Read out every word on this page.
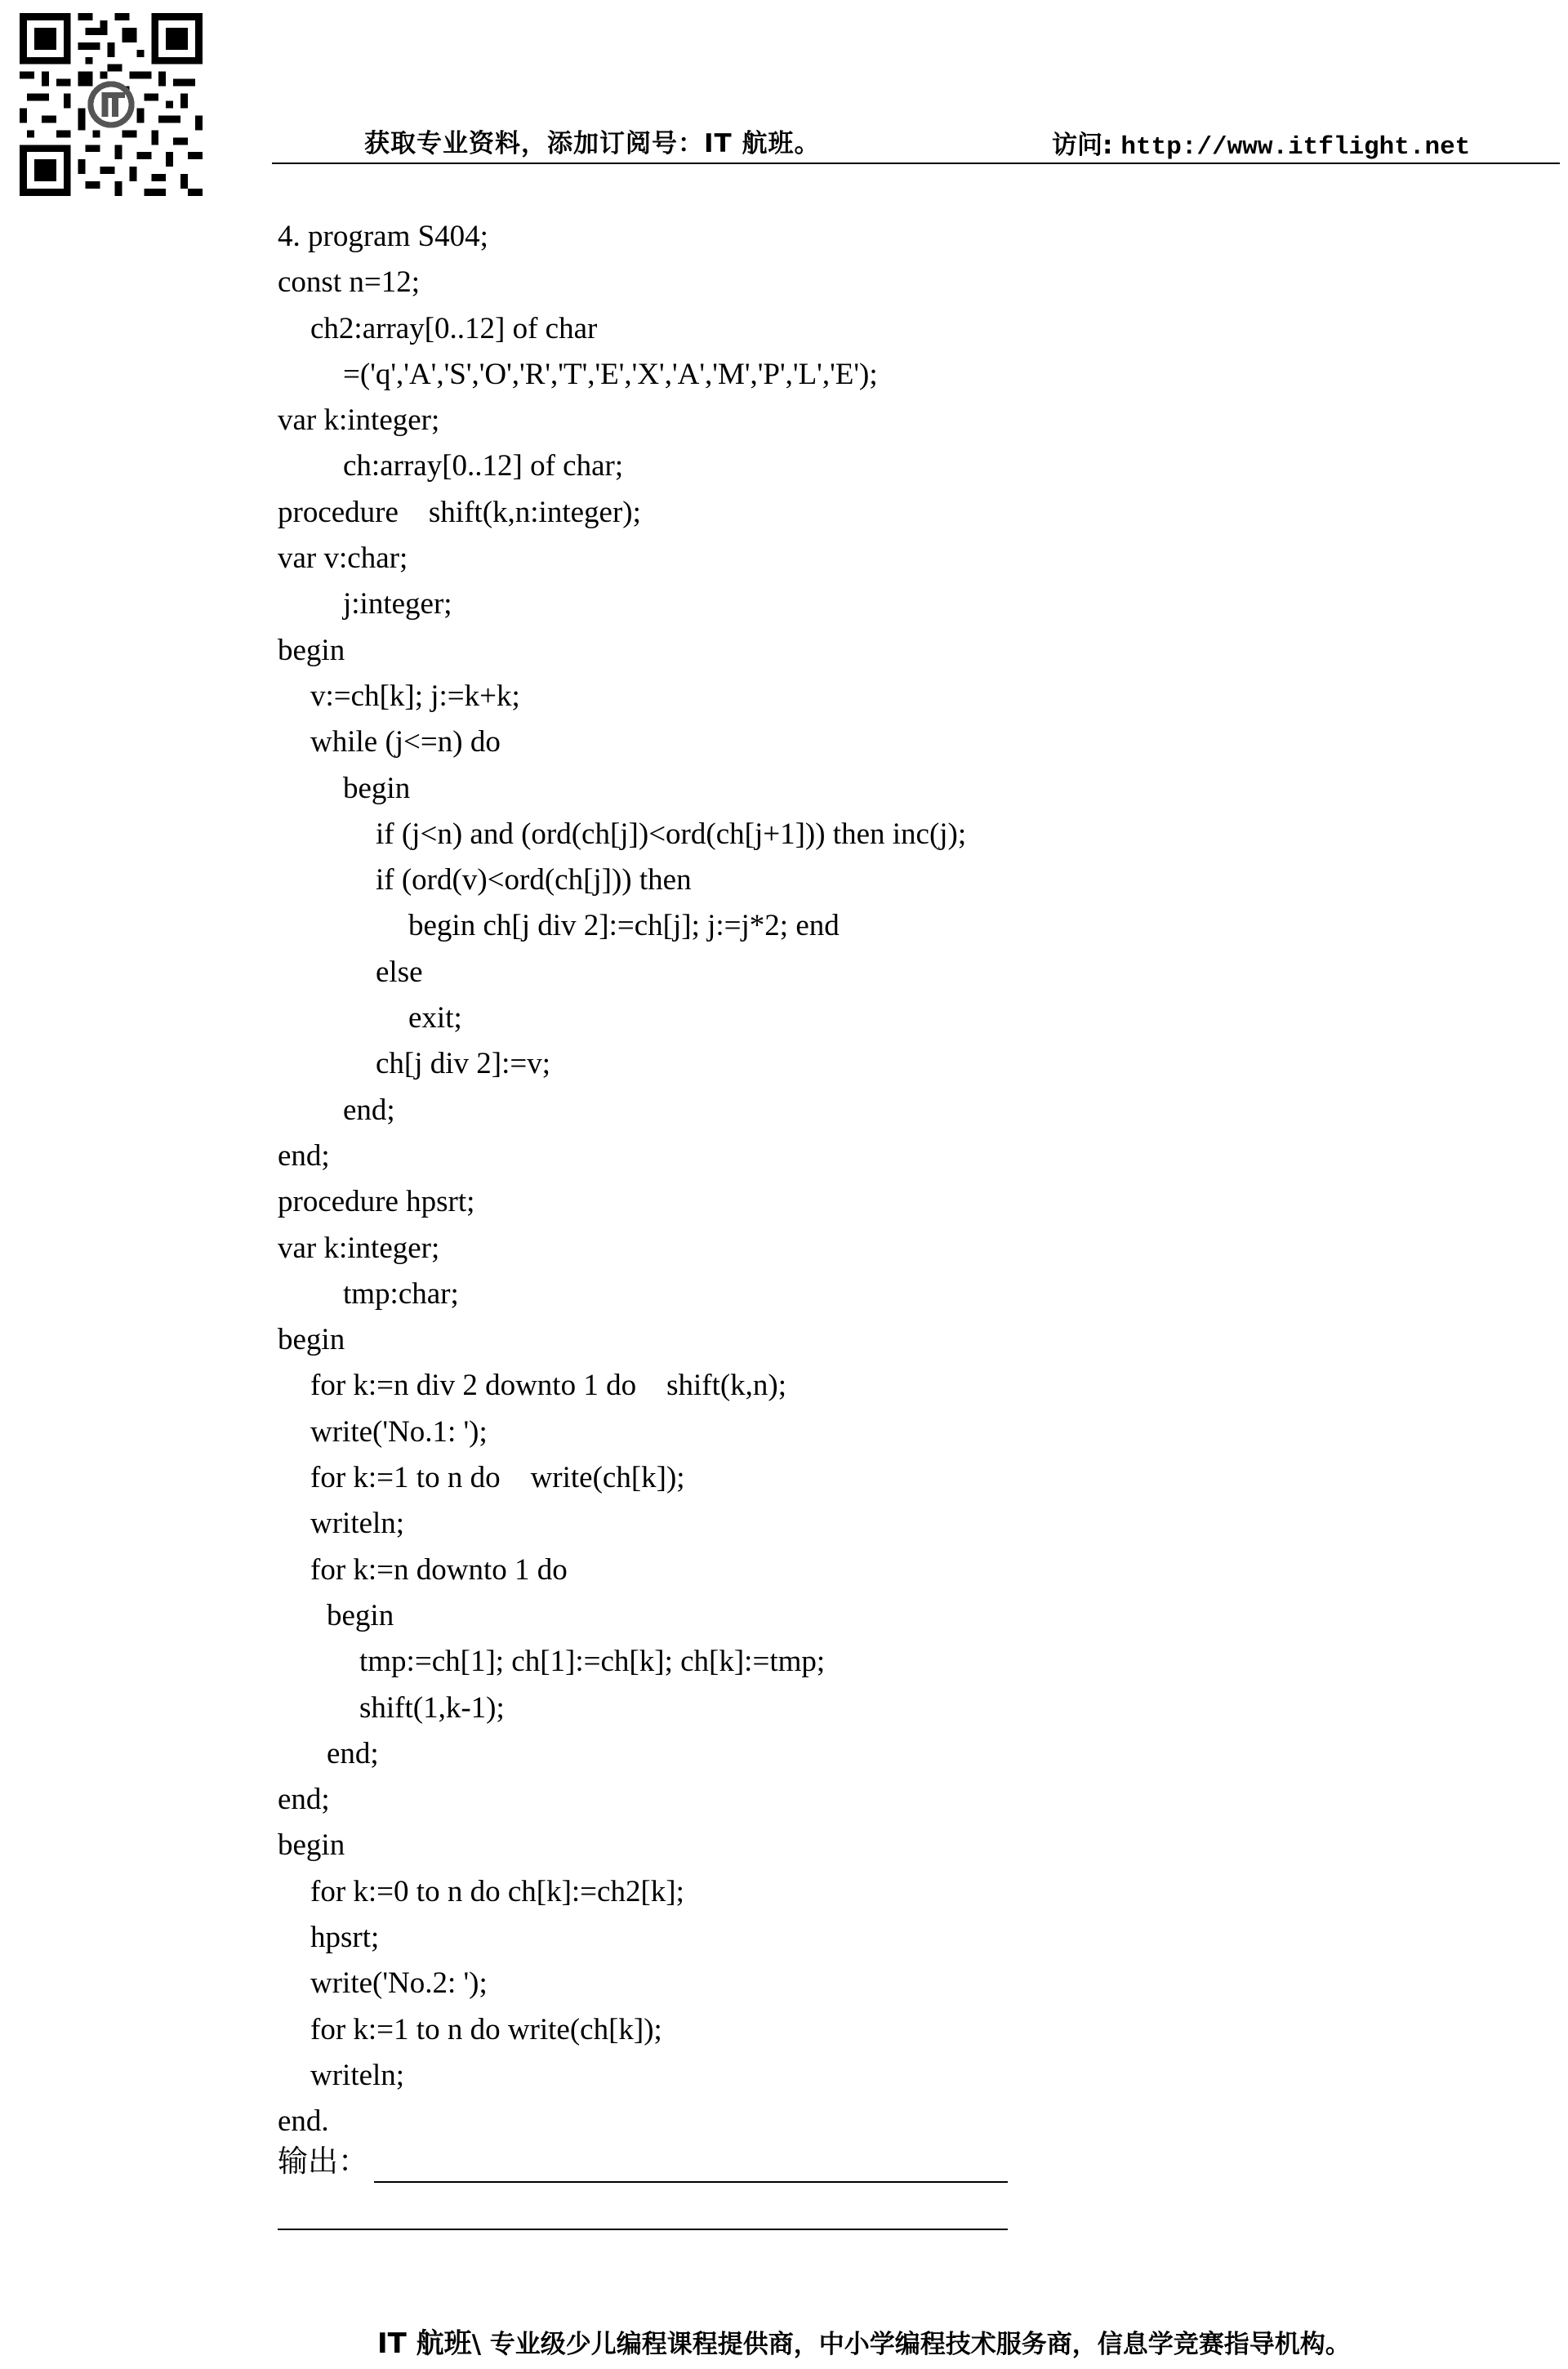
获取专业资料，添加订阅号：IT 航班。	访问: http://www.itflight.net
4. program S404;
const n=12;
ch2:array[0..12] of char
=('q','A','S','O','R','T','E','X','A','M','P','L','E');
var k:integer;
ch:array[0..12] of char;
procedure    shift(k,n:integer);
var v:char;
j:integer;
begin
v:=ch[k]; j:=k+k;
while (j<=n) do
begin
if (j<n) and (ord(ch[j])<ord(ch[j+1])) then inc(j);
if (ord(v)<ord(ch[j])) then
begin ch[j div 2]:=ch[j]; j:=j*2; end
else
exit;
ch[j div 2]:=v;
end;
end;
procedure hpsrt;
var k:integer;
tmp:char;
begin
for k:=n div 2 downto 1 do    shift(k,n);
write('No.1: ');
for k:=1 to n do    write(ch[k]);
writeln;
for k:=n downto 1 do
begin
tmp:=ch[1]; ch[1]:=ch[k]; ch[k]:=tmp;
shift(1,k-1);
end;
end;
begin
for k:=0 to n do ch[k]:=ch2[k];
hpsrt;
write('No.2: ');
for k:=1 to n do write(ch[k]);
writeln;
end.
输出：
IT 航班\ 专业级少儿编程课程提供商，中小学编程技术服务商，信息学竞赛指导机构。
